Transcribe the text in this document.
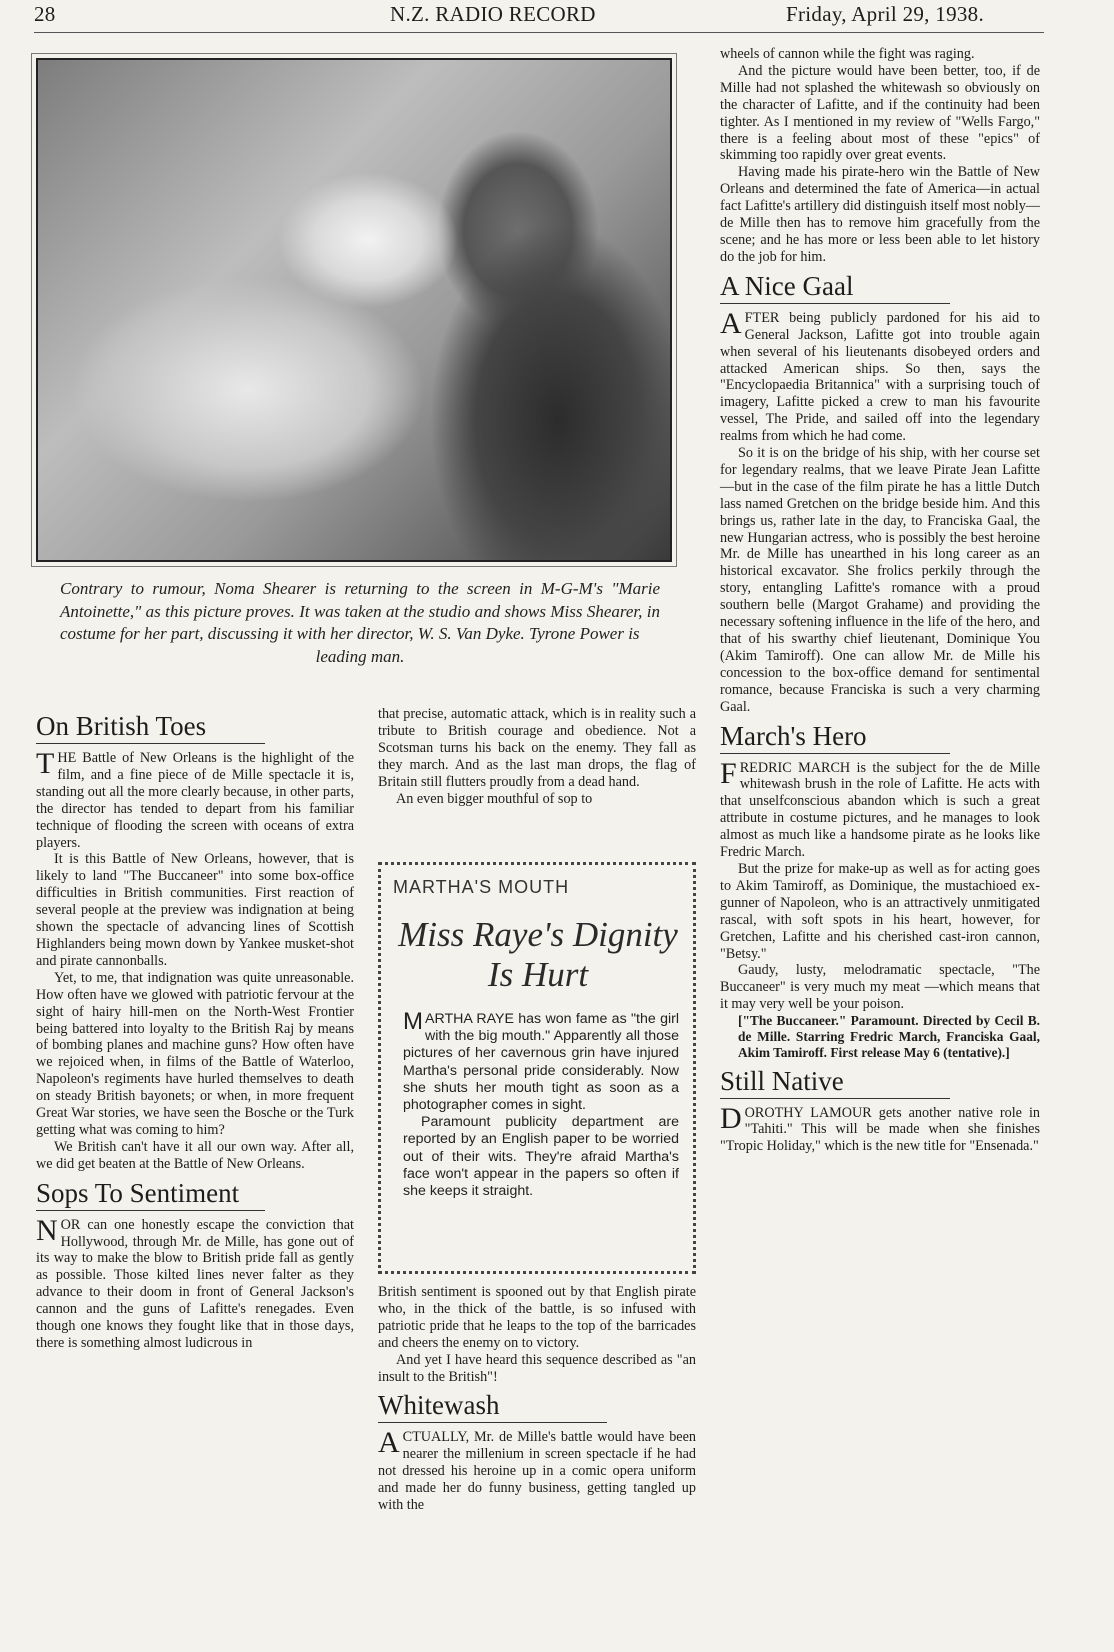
28	N.Z. RADIO RECORD	Friday, April 29, 1938.
Contrary to rumour, Noma Shearer is returning to the screen in M-G-M's "Marie Antoinette," as this picture proves. It was taken at the studio and shows Miss Shearer, in costume for her part, discussing it with her director, W. S. Van Dyke. Tyrone Power is
leading man.
On British Toes

THE Battle of New Orleans is the highlight of the film, and a fine piece of de Mille spectacle it is, standing out all the more clearly because, in other parts, the director has tended to depart from his familiar technique of flooding the screen with oceans of extra players.

It is this Battle of New Orleans, however, that is likely to land "The Buccaneer" into some box-office difficulties in British communities. First reaction of several people at the preview was indignation at being shown the spectacle of advancing lines of Scottish Highlanders being mown down by Yankee musket-shot and pirate cannonballs.

Yet, to me, that indignation was quite unreasonable. How often have we glowed with patriotic fervour at the sight of hairy hill-men on the North-West Frontier being battered into loyalty to the British Raj by means of bombing planes and machine guns? How often have we rejoiced when, in films of the Battle of Waterloo, Napoleon's regiments have hurled themselves to death on steady British bayonets; or when, in more frequent Great War stories, we have seen the Bosche or the Turk getting what was coming to him?

We British can't have it all our own way. After all, we did get beaten at the Battle of New Orleans.

Sops To Sentiment

NOR can one honestly escape the conviction that Hollywood, through Mr. de Mille, has gone out of its way to make the blow to British pride fall as gently as possible. Those kilted lines never falter as they advance to their doom in front of General Jackson's cannon and the guns of Lafitte's renegades. Even though one knows they fought like that in those days, there is something almost ludicrous in

that precise, automatic attack, which is in reality such a tribute to British courage and obedience. Not a Scotsman turns his back on the enemy. They fall as they march. And as the last man drops, the flag of Britain still flutters proudly from a dead hand.

An even bigger mouthful of sop to

MARTHA'S MOUTH
Miss Raye's Dignity Is Hurt

MARTHA RAYE has won fame as "the girl with the big mouth." Apparently all those pictures of her cavernous grin have injured Martha's personal pride considerably. Now she shuts her mouth tight as soon as a photographer comes in sight.

Paramount publicity department are reported by an English paper to be worried out of their wits. They're afraid Martha's face won't appear in the papers so often if she keeps it straight.

British sentiment is spooned out by that English pirate who, in the thick of the battle, is so infused with patriotic pride that he leaps to the top of the barricades and cheers the enemy on to victory.

And yet I have heard this sequence described as "an insult to the British"!

Whitewash

ACTUALLY, Mr. de Mille's battle would have been nearer the millenium in screen spectacle if he had not dressed his heroine up in a comic opera uniform and made her do funny business, getting tangled up with the

wheels of cannon while the fight was raging.

And the picture would have been better, too, if de Mille had not splashed the whitewash so obviously on the character of Lafitte, and if the continuity had been tighter. As I mentioned in my review of "Wells Fargo," there is a feeling about most of these "epics" of skimming too rapidly over great events.

Having made his pirate-hero win the Battle of New Orleans and determined the fate of America—in actual fact Lafitte's artillery did distinguish itself most nobly—de Mille then has to remove him gracefully from the scene; and he has more or less been able to let history do the job for him.

A Nice Gaal

AFTER being publicly pardoned for his aid to General Jackson, Lafitte got into trouble again when several of his lieutenants disobeyed orders and attacked American ships. So then, says the "Encyclopaedia Britannica" with a surprising touch of imagery, Lafitte picked a crew to man his favourite vessel, The Pride, and sailed off into the legendary realms from which he had come.

So it is on the bridge of his ship, with her course set for legendary realms, that we leave Pirate Jean Lafitte—but in the case of the film pirate he has a little Dutch lass named Gretchen on the bridge beside him. And this brings us, rather late in the day, to Franciska Gaal, the new Hungarian actress, who is possibly the best heroine Mr. de Mille has unearthed in his long career as an historical excavator. She frolics perkily through the story, entangling Lafitte's romance with a proud southern belle (Margot Grahame) and providing the necessary softening influence in the life of the hero, and that of his swarthy chief lieutenant, Dominique You (Akim Tamiroff). One can allow Mr. de Mille his concession to the box-office demand for sentimental romance, because Franciska is such a very charming Gaal.

March's Hero

FREDRIC MARCH is the subject for the de Mille whitewash brush in the role of Lafitte. He acts with that unselfconscious abandon which is such a great attribute in costume pictures, and he manages to look almost as much like a handsome pirate as he looks like Fredric March.

But the prize for make-up as well as for acting goes to Akim Tamiroff, as Dominique, the mustachioed ex-gunner of Napoleon, who is an attractively unmitigated rascal, with soft spots in his heart, however, for Gretchen, Lafitte and his cherished cast-iron cannon, "Betsy."

Gaudy, lusty, melodramatic spectacle, "The Buccaneer" is very much my meat —which means that it may very well be your poison.

["The Buccaneer." Paramount. Directed by Cecil B. de Mille. Starring Fredric March, Franciska Gaal, Akim Tamiroff. First release May 6 (tentative).]

Still Native

DOROTHY LAMOUR gets another native role in "Tahiti." This will be made when she finishes "Tropic Holiday," which is the new title for "Ensenada."
